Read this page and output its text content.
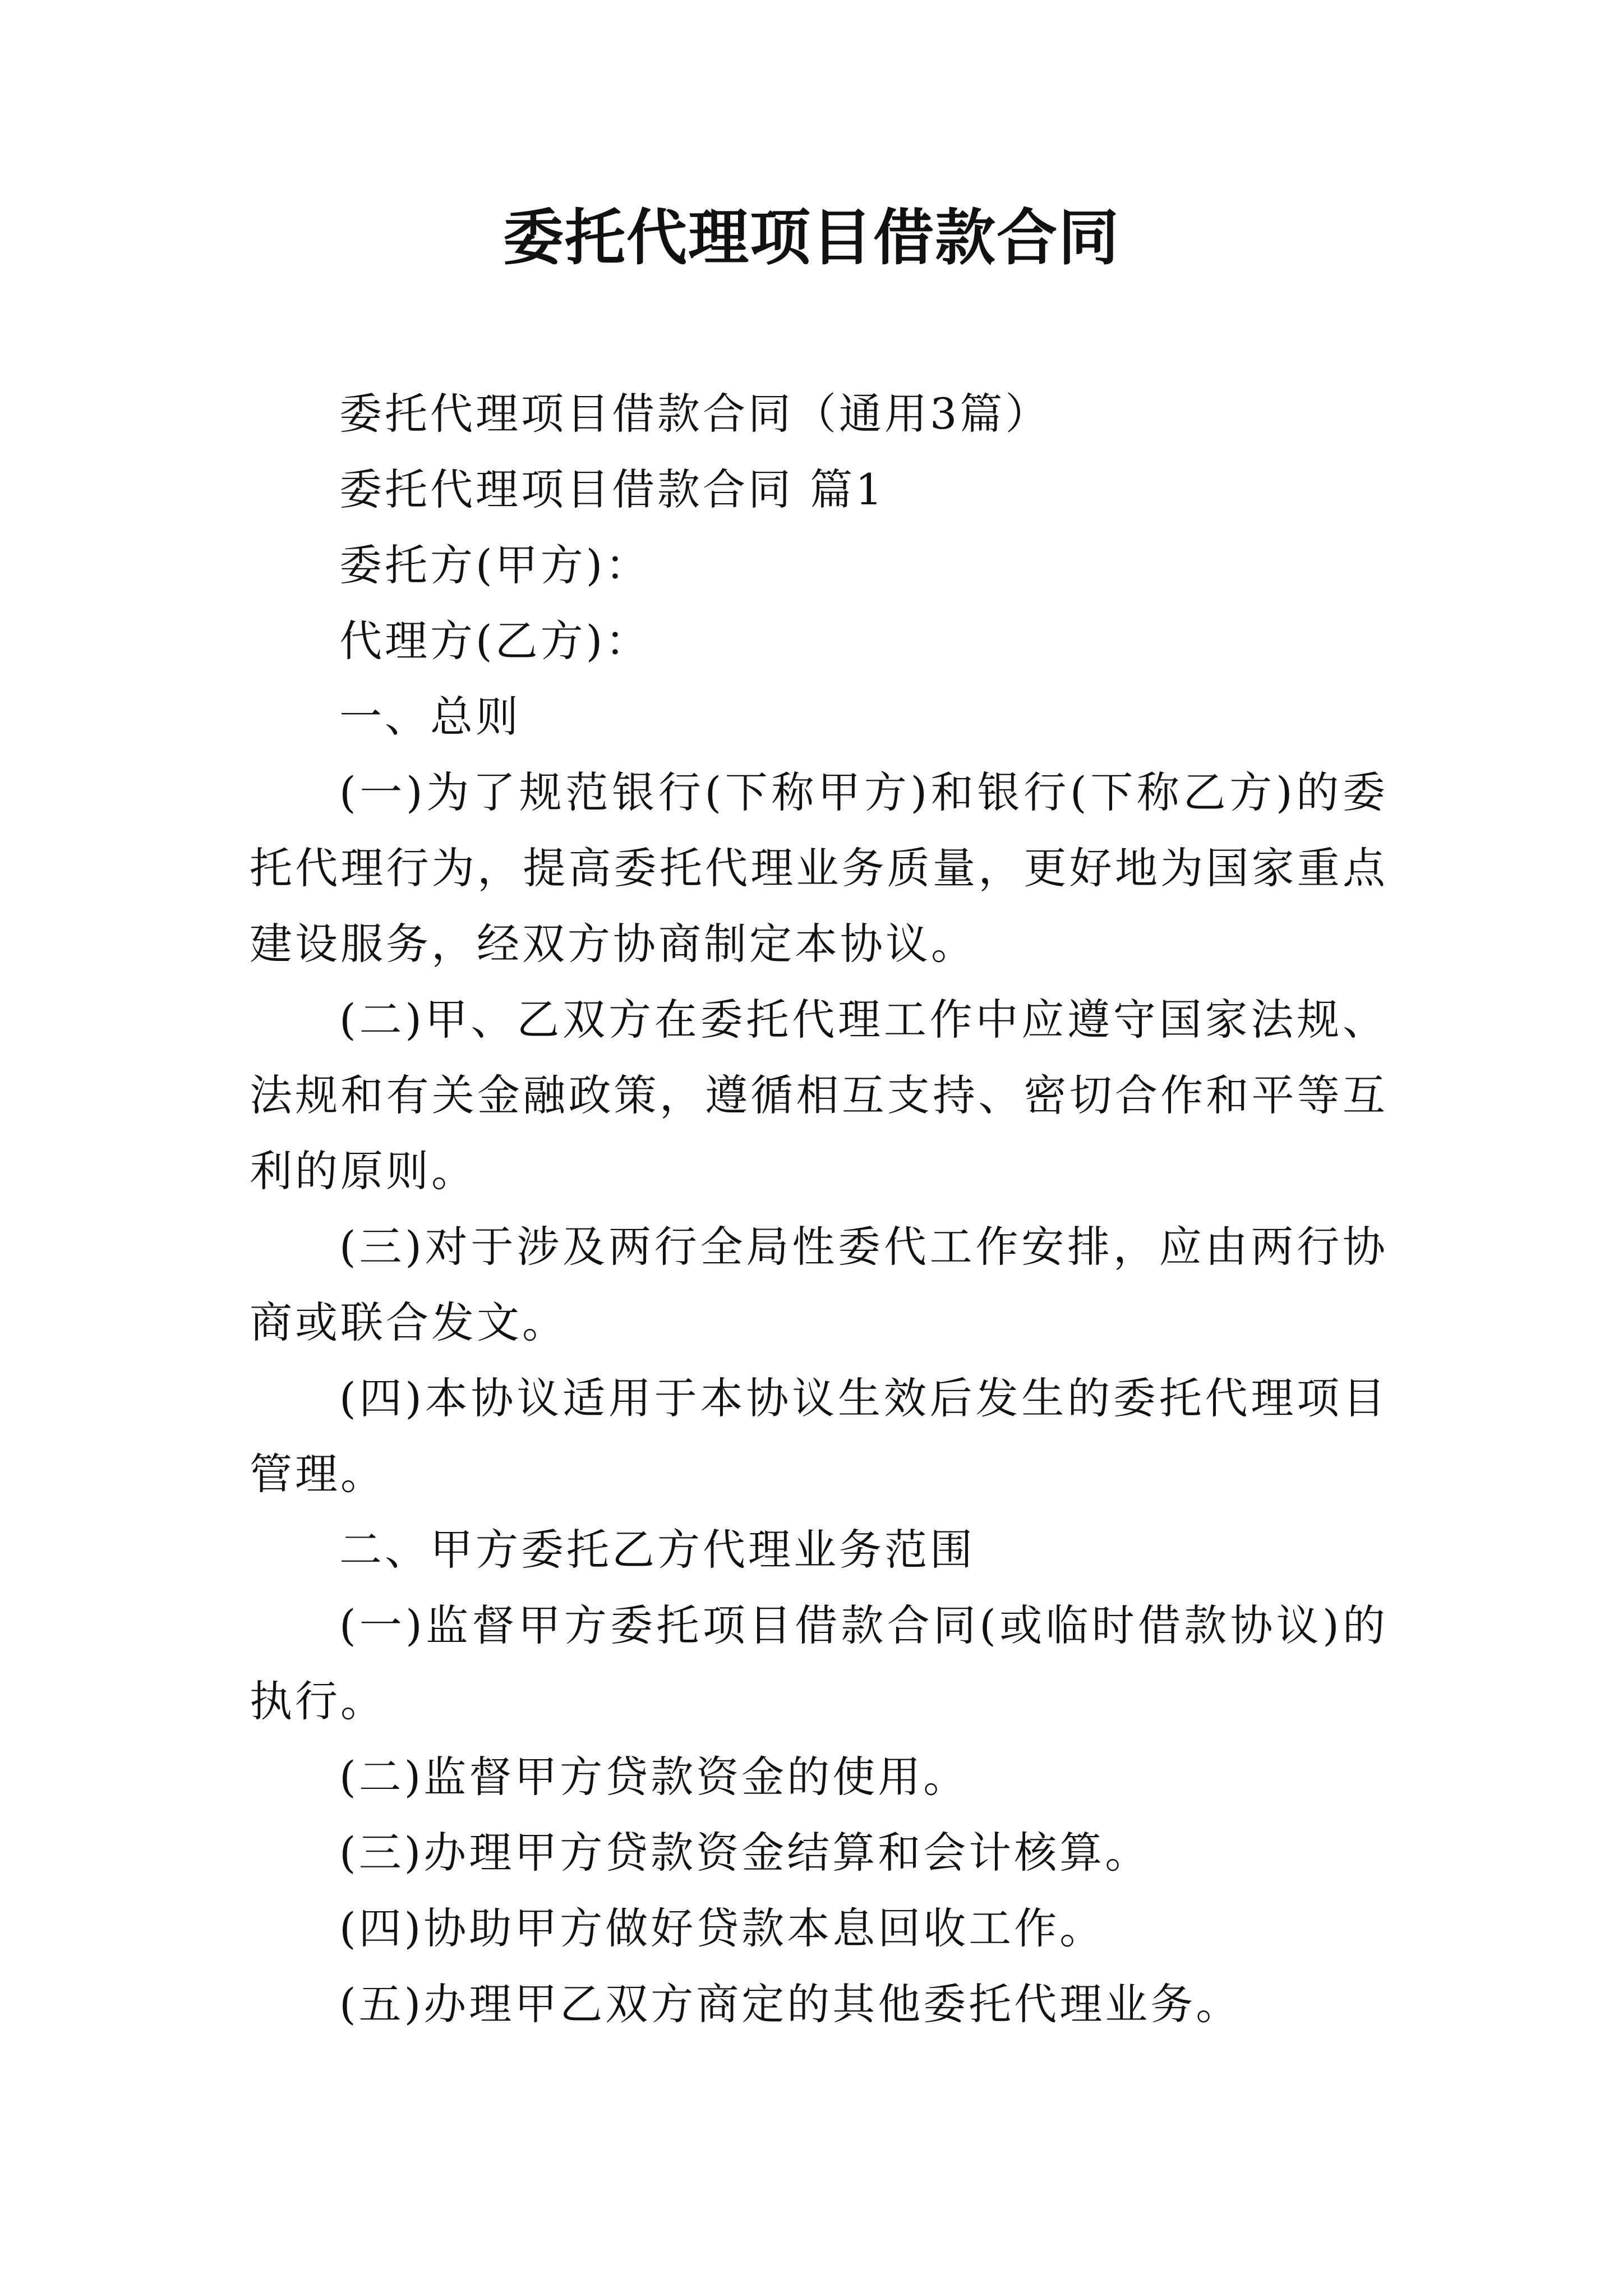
委托代理项目借款合同

委托代理项目借款合同（通用3篇）

委托代理项目借款合同 篇1

委托方(甲方)：

代理方(乙方)：

一、总则

(一)为了规范银行(下称甲方)和银行(下称乙方)的委托代理行为，提高委托代理业务质量，更好地为国家重点建设服务，经双方协商制定本协议。

(二)甲、乙双方在委托代理工作中应遵守国家法规、法规和有关金融政策，遵循相互支持、密切合作和平等互利的原则。

(三)对于涉及两行全局性委代工作安排，应由两行协商或联合发文。

(四)本协议适用于本协议生效后发生的委托代理项目管理。

二、甲方委托乙方代理业务范围

(一)监督甲方委托项目借款合同(或临时借款协议)的执行。

(二)监督甲方贷款资金的使用。

(三)办理甲方贷款资金结算和会计核算。

(四)协助甲方做好贷款本息回收工作。

(五)办理甲乙双方商定的其他委托代理业务。
